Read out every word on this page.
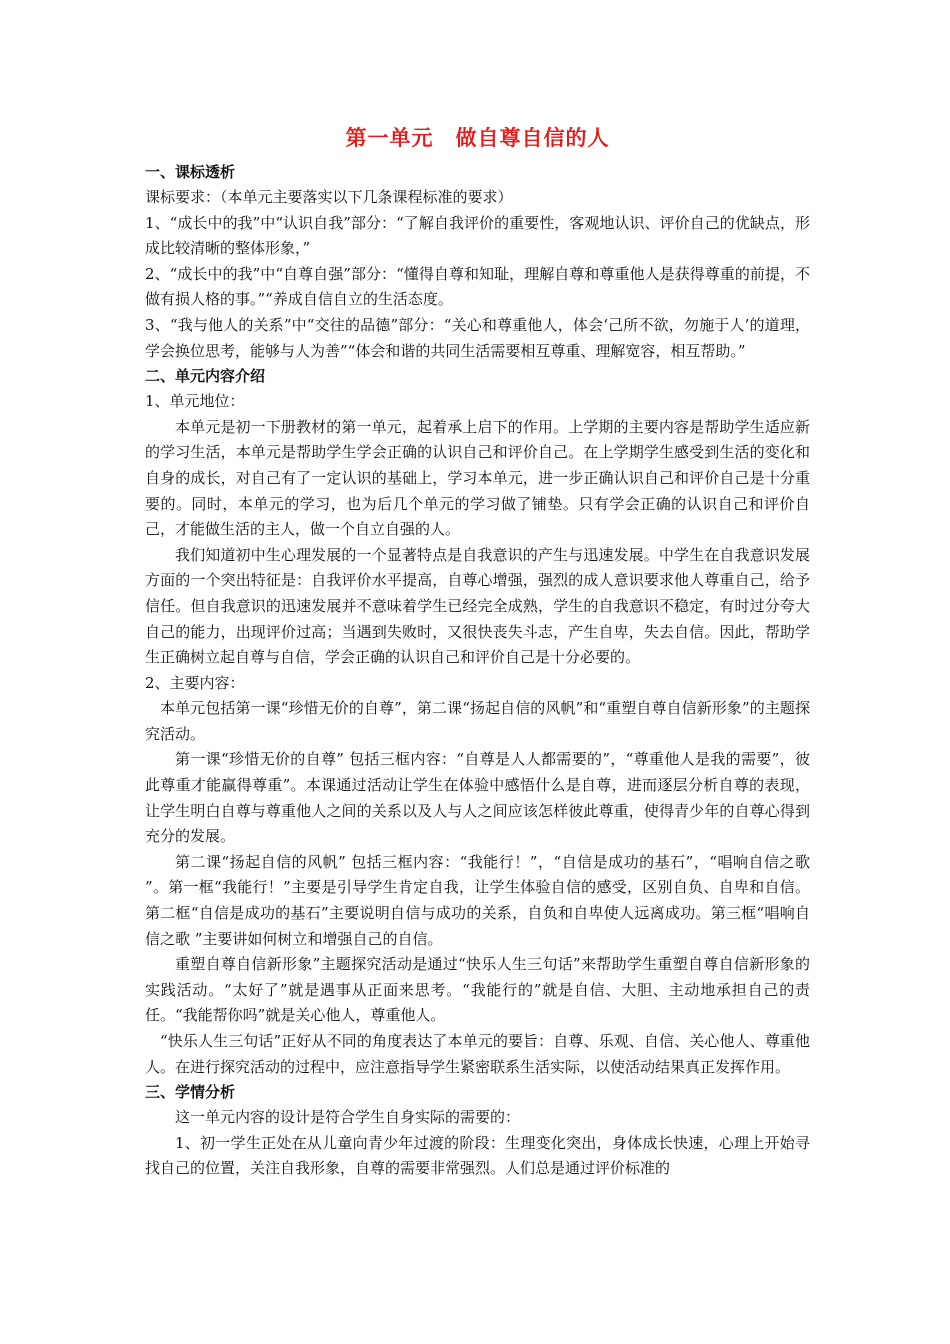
第一单元　做自尊自信的人
一、课标透析
课标要求：（本单元主要落实以下几条课程标准的要求）
1、“成长中的我”中“认识自我”部分：“了解自我评价的重要性，客观地认识、评价自己的优缺点，形成比较清晰的整体形象，”
2、“成长中的我”中“自尊自强”部分：“懂得自尊和知耻，理解自尊和尊重他人是获得尊重的前提，不做有损人格的事。”“养成自信自立的生活态度。
3、“我与他人的关系”中“交往的品德”部分：“关心和尊重他人，体会‘己所不欲，勿施于人’的道理，学会换位思考，能够与人为善”“体会和谐的共同生活需要相互尊重、理解宽容，相互帮助。”
二、单元内容介绍
1、单元地位：
本单元是初一下册教材的第一单元，起着承上启下的作用。上学期的主要内容是帮助学生适应新的学习生活，本单元是帮助学生学会正确的认识自己和评价自己。在上学期学生感受到生活的变化和自身的成长，对自己有了一定认识的基础上，学习本单元，进一步正确认识自己和评价自己是十分重要的。同时，本单元的学习，也为后几个单元的学习做了铺垫。只有学会正确的认识自己和评价自己，才能做生活的主人，做一个自立自强的人。
我们知道初中生心理发展的一个显著特点是自我意识的产生与迅速发展。中学生在自我意识发展方面的一个突出特征是：自我评价水平提高，自尊心增强，强烈的成人意识要求他人尊重自己，给予信任。但自我意识的迅速发展并不意味着学生已经完全成熟，学生的自我意识不稳定，有时过分夸大自己的能力，出现评价过高；当遇到失败时，又很快丧失斗志，产生自卑，失去自信。因此，帮助学生正确树立起自尊与自信，学会正确的认识自己和评价自己是十分必要的。
2、主要内容：
本单元包括第一课“珍惜无价的自尊”，第二课“扬起自信的风帆”和“重塑自尊自信新形象”的主题探究活动。
第一课“珍惜无价的自尊” 包括三框内容：“自尊是人人都需要的”，“尊重他人是我的需要”，彼此尊重才能赢得尊重”。本课通过活动让学生在体验中感悟什么是自尊，进而逐层分析自尊的表现，让学生明白自尊与尊重他人之间的关系以及人与人之间应该怎样彼此尊重，使得青少年的自尊心得到充分的发展。
第二课“扬起自信的风帆” 包括三框内容：“我能行！”，“自信是成功的基石”，“唱响自信之歌 ”。第一框“我能行！”主要是引导学生肯定自我，让学生体验自信的感受，区别自负、自卑和自信。第二框“自信是成功的基石”主要说明自信与成功的关系，自负和自卑使人远离成功。第三框“唱响自信之歌 ”主要讲如何树立和增强自己的自信。
重塑自尊自信新形象”主题探究活动是通过“快乐人生三句话”来帮助学生重塑自尊自信新形象的实践活动。“太好了”就是遇事从正面来思考。“我能行的”就是自信、大胆、主动地承担自己的责任。“我能帮你吗”就是关心他人，尊重他人。
“快乐人生三句话”正好从不同的角度表达了本单元的要旨：自尊、乐观、自信、关心他人、尊重他人。在进行探究活动的过程中，应注意指导学生紧密联系生活实际，以使活动结果真正发挥作用。
三、学情分析
这一单元内容的设计是符合学生自身实际的需要的：
1、初一学生正处在从儿童向青少年过渡的阶段：生理变化突出，身体成长快速，心理上开始寻找自己的位置，关注自我形象，自尊的需要非常强烈。人们总是通过评价标准的
